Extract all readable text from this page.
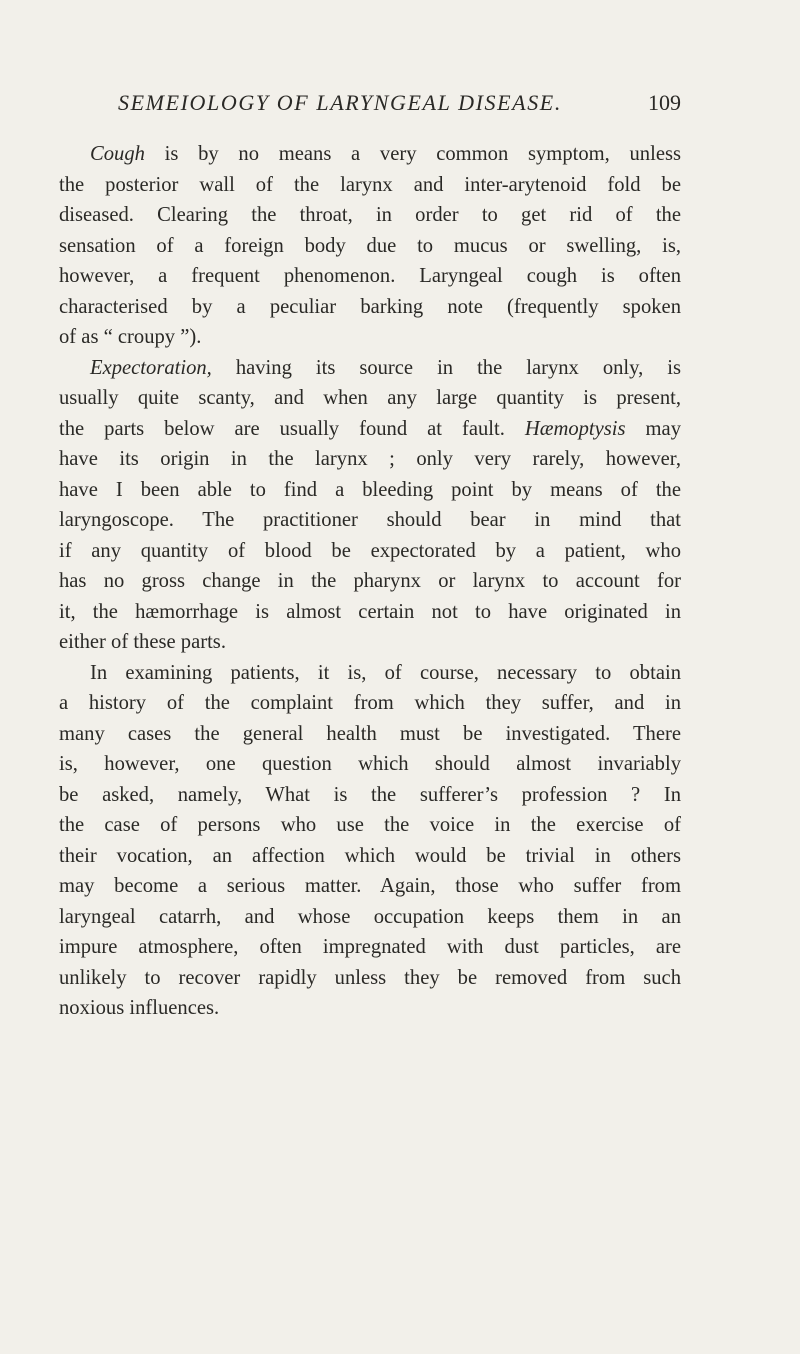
SEMEIOLOGY OF LARYNGEAL DISEASE.	109
Cough is by no means a very common symptom, unless
the posterior wall of the larynx and inter-arytenoid fold be
diseased. Clearing the throat, in order to get rid of the
sensation of a foreign body due to mucus or swelling, is,
however, a frequent phenomenon. Laryngeal cough is often
characterised by a peculiar barking note (frequently spoken
of as “ croupy ”).
Expectoration, having its source in the larynx only, is
usually quite scanty, and when any large quantity is present,
the parts below are usually found at fault. Hæmoptysis may
have its origin in the larynx ; only very rarely, however,
have I been able to find a bleeding point by means of the
laryngoscope. The practitioner should bear in mind that
if any quantity of blood be expectorated by a patient, who
has no gross change in the pharynx or larynx to account for
it, the hæmorrhage is almost certain not to have originated in
either of these parts.
In examining patients, it is, of course, necessary to obtain
a history of the complaint from which they suffer, and in
many cases the general health must be investigated. There
is, however, one question which should almost invariably
be asked, namely, What is the sufferer’s profession ? In
the case of persons who use the voice in the exercise of
their vocation, an affection which would be trivial in others
may become a serious matter. Again, those who suffer from
laryngeal catarrh, and whose occupation keeps them in an
impure atmosphere, often impregnated with dust particles, are
unlikely to recover rapidly unless they be removed from such
noxious influences.
